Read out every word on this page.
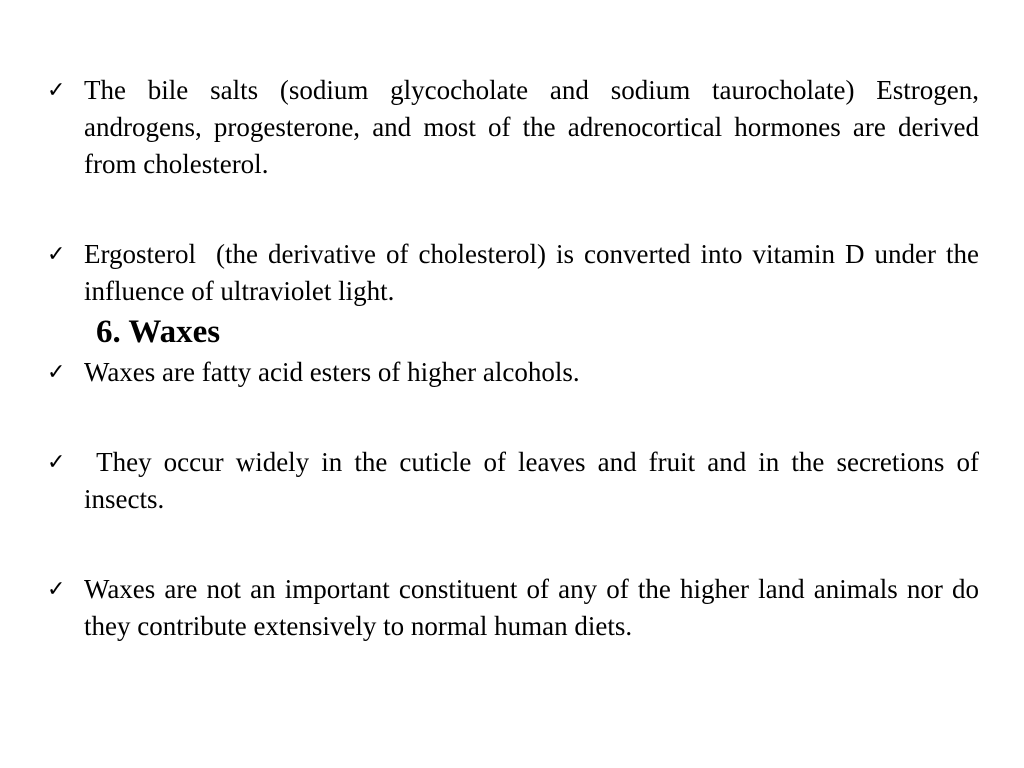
✓ The bile salts (sodium glycocholate and sodium taurocholate) Estrogen, androgens, progesterone, and most of the adrenocortical hormones are derived from cholesterol.
✓ Ergosterol  (the derivative of cholesterol) is converted into vitamin D under the influence of ultraviolet light.
6. Waxes
✓ Waxes are fatty acid esters of higher alcohols.
✓ They occur widely in the cuticle of leaves and fruit and in the secretions of insects.
✓ Waxes are not an important constituent of any of the higher land animals nor do they contribute extensively to normal human diets.
